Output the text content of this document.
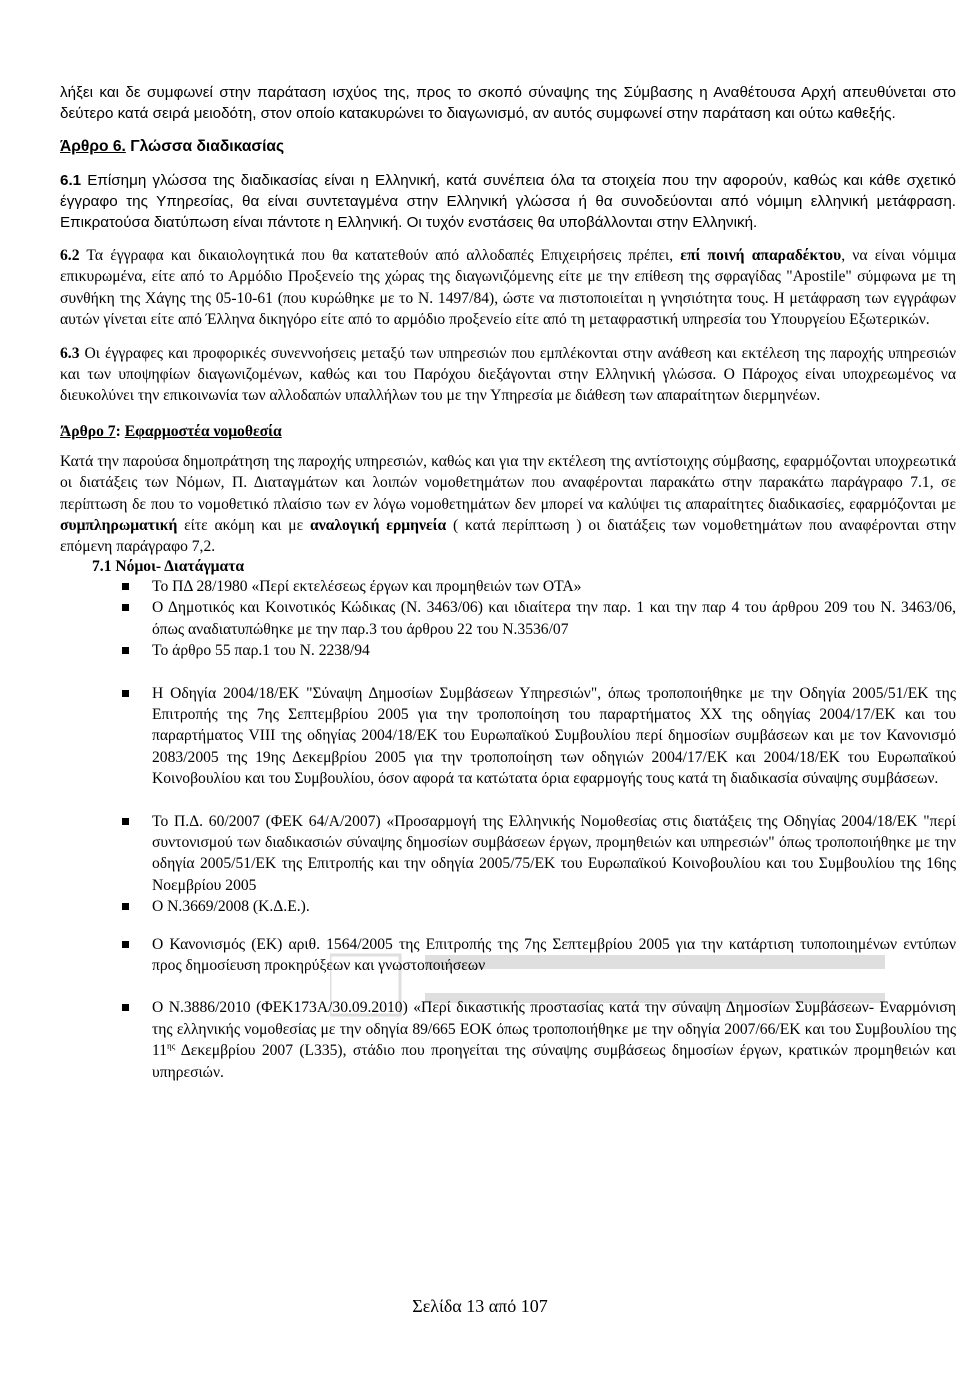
λήξει και δε συμφωνεί στην παράταση ισχύος της, προς το σκοπό σύναψης της Σύμβασης η Αναθέτουσα Αρχή απευθύνεται στο δεύτερο κατά σειρά μειοδότη, στον οποίο κατακυρώνει το διαγωνισμό, αν αυτός συμφωνεί στην παράταση και ούτω καθεξής.

Άρθρο 6. Γλώσσα διαδικασίας

6.1 Επίσημη γλώσσα της διαδικασίας είναι η Ελληνική, κατά συνέπεια όλα τα στοιχεία που την αφορούν, καθώς και κάθε σχετικό έγγραφο της Υπηρεσίας, θα είναι συντεταγμένα στην Ελληνική γλώσσα ή θα συνοδεύονται από νόμιμη ελληνική μετάφραση. Επικρατούσα διατύπωση είναι πάντοτε η Ελληνική. Οι τυχόν ενστάσεις θα υποβάλλονται στην Ελληνική.

6.2 Τα έγγραφα και δικαιολογητικά που θα κατατεθούν από αλλοδαπές Επιχειρήσεις πρέπει, επί ποινή απαραδέκτου, να είναι νόμιμα επικυρωμένα, είτε από το Αρμόδιο Προξενείο της χώρας της διαγωνιζόμενης είτε με την επίθεση της σφραγίδας "Apostile" σύμφωνα με τη συνθήκη της Χάγης της 05-10-61 (που κυρώθηκε με το Ν. 1497/84), ώστε να πιστοποιείται η γνησιότητα τους. Η μετάφραση των εγγράφων αυτών γίνεται είτε από Έλληνα δικηγόρο είτε από το αρμόδιο προξενείο είτε από τη μεταφραστική υπηρεσία του Υπουργείου Εξωτερικών.

6.3 Οι έγγραφες και προφορικές συνεννοήσεις μεταξύ των υπηρεσιών που εμπλέκονται στην ανάθεση και εκτέλεση της παροχής υπηρεσιών και των υποψηφίων διαγωνιζομένων, καθώς και του Παρόχου διεξάγονται στην Ελληνική γλώσσα. Ο Πάροχος είναι υποχρεωμένος να διευκολύνει την επικοινωνία των αλλοδαπών υπαλλήλων του με την Υπηρεσία με διάθεση των απαραίτητων διερμηνέων.

Άρθρο 7: Εφαρμοστέα νομοθεσία

Κατά την παρούσα δημοπράτηση της παροχής υπηρεσιών, καθώς και για την εκτέλεση της αντίστοιχης σύμβασης, εφαρμόζονται υποχρεωτικά οι διατάξεις των Νόμων, Π. Διαταγμάτων και λοιπών νομοθετημάτων που αναφέρονται παρακάτω στην παρακάτω παράγραφο 7.1, σε περίπτωση δε που το νομοθετικό πλαίσιο των εν λόγω νομοθετημάτων δεν μπορεί να καλύψει τις απαραίτητες διαδικασίες, εφαρμόζονται με συμπληρωματική είτε ακόμη και με αναλογική ερμηνεία ( κατά περίπτωση ) οι διατάξεις των νομοθετημάτων που αναφέρονται στην επόμενη παράγραφο 7,2.

7.1 Νόμοι- Διατάγματα
Το ΠΔ 28/1980 «Περί εκτελέσεως έργων και προμηθειών των ΟΤΑ»
Ο Δημοτικός και Κοινοτικός Κώδικας (Ν. 3463/06) και ιδιαίτερα την παρ. 1 και την παρ 4 του άρθρου 209 του Ν. 3463/06, όπως αναδιατυπώθηκε με την παρ.3 του άρθρου 22 του Ν.3536/07
Το άρθρο 55 παρ.1 του Ν. 2238/94
Η Οδηγία 2004/18/ΕΚ "Σύναψη Δημοσίων Συμβάσεων Υπηρεσιών", όπως τροποποιήθηκε με την Οδηγία 2005/51/ΕΚ της Επιτροπής της 7ης Σεπτεμβρίου 2005 για την τροποποίηση του παραρτήματος ΧΧ της οδηγίας 2004/17/ΕΚ και του παραρτήματος VIII της οδηγίας 2004/18/ΕΚ του Ευρωπαϊκού Συμβουλίου περί δημοσίων συμβάσεων και με τον Κανονισμό 2083/2005 της 19ης Δεκεμβρίου 2005 για την τροποποίηση των οδηγιών 2004/17/ΕΚ και 2004/18/ΕΚ του Ευρωπαϊκού Κοινοβουλίου και του Συμβουλίου, όσον αφορά τα κατώτατα όρια εφαρμογής τους κατά τη διαδικασία σύναψης συμβάσεων.
Το Π.Δ. 60/2007 (ΦΕΚ 64/Α/2007) «Προσαρμογή της Ελληνικής Νομοθεσίας στις διατάξεις της Οδηγίας 2004/18/ΕΚ "περί συντονισμού των διαδικασιών σύναψης δημοσίων συμβάσεων έργων, προμηθειών και υπηρεσιών" όπως τροποποιήθηκε με την οδηγία 2005/51/ΕΚ της Επιτροπής και την οδηγία 2005/75/ΕΚ του Ευρωπαϊκού Κοινοβουλίου και του Συμβουλίου της 16ης Νοεμβρίου 2005
Ο Ν.3669/2008 (Κ.Δ.Ε.).
Ο Κανονισμός (ΕΚ) αριθ. 1564/2005 της Επιτροπής της 7ης Σεπτεμβρίου 2005 για την κατάρτιση τυποποιημένων εντύπων προς δημοσίευση προκηρύξεων και γνωστοποιήσεων
Ο Ν.3886/2010 (ΦΕΚ173Α/30.09.2010) «Περί δικαστικής προστασίας κατά την σύναψη Δημοσίων Συμβάσεων- Εναρμόνιση της ελληνικής νομοθεσίας με την οδηγία 89/665 ΕΟΚ όπως τροποποιήθηκε με την οδηγία 2007/66/ΕΚ και του Συμβουλίου της $11^{\eta\varsigma}$ Δεκεμβρίου 2007 (L335), στάδιο που προηγείται της σύναψης συμβάσεως δημοσίων έργων, κρατικών προμηθειών και υπηρεσιών.
Σελίδα 13 από 107
